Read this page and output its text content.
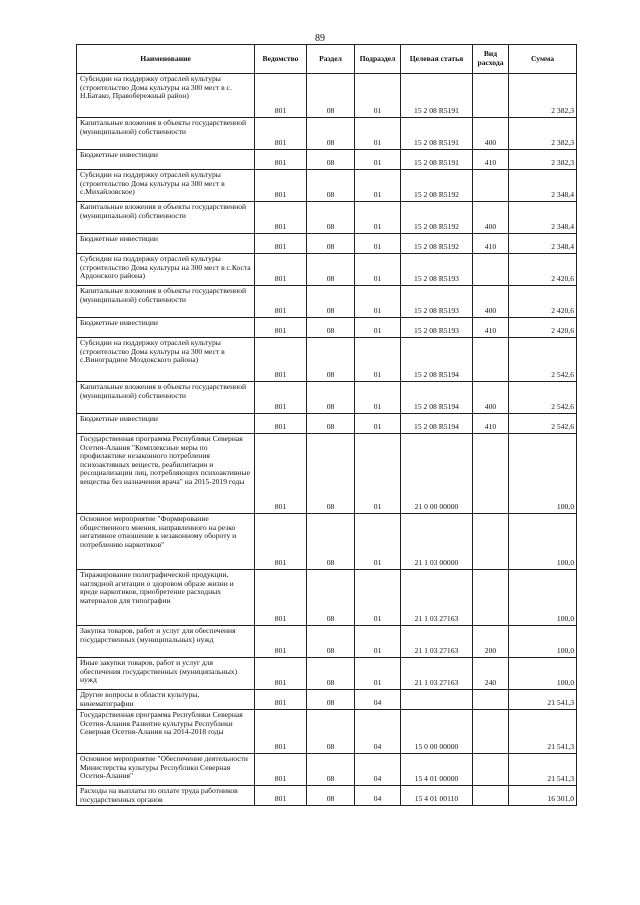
89
Наименование	Ведомство	Раздел	Подраздел	Целевая статья	Вид расхода	Сумма
Субсидии на поддержку отраслей культуры (строительство Дома культуры на 300 мест в с. Н.Батако, Правобережный район)	801	08	01	15 2 08 R5191		2 382,3
Капитальные вложения в объекты государственной (муниципальной) собственности	801	08	01	15 2 08 R5191	400	2 382,3
Бюджетные инвестиции	801	08	01	15 2 08 R5191	410	2 382,3
Субсидии на поддержку отраслей культуры (строительство Дома культуры на 300 мест в с.Михайловское)	801	08	01	15 2 08 R5192		2 348,4
Капитальные вложения в объекты государственной (муниципальной) собственности	801	08	01	15 2 08 R5192	400	2 348,4
Бюджетные инвестиции	801	08	01	15 2 08 R5192	410	2 348,4
Субсидии на поддержку отраслей культуры (строительство Дома культуры на 300 мест в с.Коста Ардонского района)	801	08	01	15 2 08 R5193		2 420,6
Капитальные вложения в объекты государственной (муниципальной) собственности	801	08	01	15 2 08 R5193	400	2 420,6
Бюджетные инвестиции	801	08	01	15 2 08 R5193	410	2 420,6
Субсидии на поддержку отраслей культуры (строительство Дома культуры на 300 мест в с.Виноградное Моздокского района)	801	08	01	15 2 08 R5194		2 542,6
Капитальные вложения в объекты государственной (муниципальной) собственности	801	08	01	15 2 08 R5194	400	2 542,6
Бюджетные инвестиции	801	08	01	15 2 08 R5194	410	2 542,6
Государственная программа Республики Северная Осетия-Алания "Комплексные меры по профилактике незаконного потребления психоактивных веществ, реабилитации и ресоциализации лиц, потребляющих психоактивные вещества без назначения врача" на 2015-2019 годы	801	08	01	21 0 00 00000		100,0
Основное мероприятие "Формирование общественного мнения, направленного на резко негативное отношение к незаконному обороту и потреблению наркотиков"	801	08	01	21 1 03 00000		100,0
Тиражирование полиграфической продукции, наглядной агитации о здоровом образе жизни и вреде наркотиков, приобретение расходных материалов для типографии	801	08	01	21 1 03 27163		100,0
Закупка товаров, работ и услуг для обеспечения государственных (муниципальных) нужд	801	08	01	21 1 03 27163	200	100,0
Иные закупки товаров, работ и услуг для обеспечения государственных (муниципальных) нужд	801	08	01	21 1 03 27163	240	100,0
Другие вопросы в области культуры, кинематографии	801	08	04			21 541,3
Государственная программа Республики Северная Осетия-Алания Развитие культуры Республики Северная Осетия-Алания на 2014-2018 годы	801	08	04	15 0 00 00000		21 541,3
Основное мероприятие "Обеспечение деятельности Министерства культуры Республики Северная Осетия-Алания"	801	08	04	15 4 01 00000		21 541,3
Расходы на выплаты по оплате труда работников государственных органов	801	08	04	15 4 01 00110		16 301,0
